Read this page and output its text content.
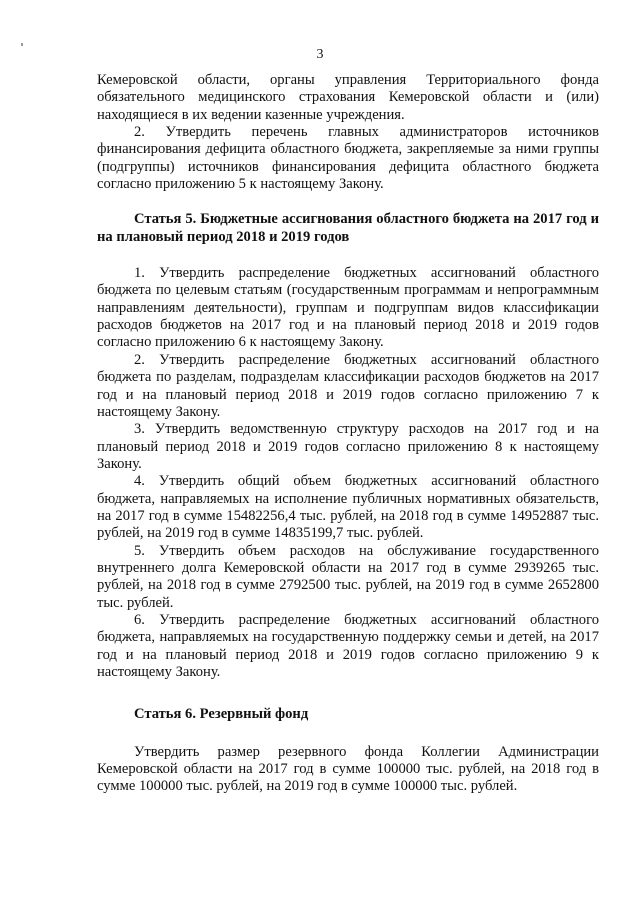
3

Кемеровской области, органы управления Территориального фонда обязательного медицинского страхования Кемеровской области и (или) находящиеся в их ведении казенные учреждения.

2. Утвердить перечень главных администраторов источников финансирования дефицита областного бюджета, закрепляемые за ними группы (подгруппы) источников финансирования дефицита областного бюджета согласно приложению 5 к настоящему Закону.

Статья 5. Бюджетные ассигнования областного бюджета на 2017 год и на плановый период 2018 и 2019 годов

1. Утвердить распределение бюджетных ассигнований областного бюджета по целевым статьям (государственным программам и непрограммным направлениям деятельности), группам и подгруппам видов классификации расходов бюджетов на 2017 год и на плановый период 2018 и 2019 годов согласно приложению 6 к настоящему Закону.

2. Утвердить распределение бюджетных ассигнований областного бюджета по разделам, подразделам классификации расходов бюджетов на 2017 год и на плановый период 2018 и 2019 годов согласно приложению 7 к настоящему Закону.

3. Утвердить ведомственную структуру расходов на 2017 год и на плановый период 2018 и 2019 годов согласно приложению 8 к настоящему Закону.

4. Утвердить общий объем бюджетных ассигнований областного бюджета, направляемых на исполнение публичных нормативных обязательств, на 2017 год в сумме 15482256,4 тыс. рублей, на 2018 год в сумме 14952887 тыс. рублей, на 2019 год в сумме 14835199,7 тыс. рублей.

5. Утвердить объем расходов на обслуживание государственного внутреннего долга Кемеровской области на 2017 год в сумме 2939265 тыс. рублей, на 2018 год в сумме 2792500 тыс. рублей, на 2019 год в сумме 2652800 тыс. рублей.

6. Утвердить распределение бюджетных ассигнований областного бюджета, направляемых на государственную поддержку семьи и детей, на 2017 год и на плановый период 2018 и 2019 годов согласно приложению 9 к настоящему Закону.

Статья 6. Резервный фонд

Утвердить размер резервного фонда Коллегии Администрации Кемеровской области на 2017 год в сумме 100000 тыс. рублей, на 2018 год в сумме 100000 тыс. рублей, на 2019 год в сумме 100000 тыс. рублей.
